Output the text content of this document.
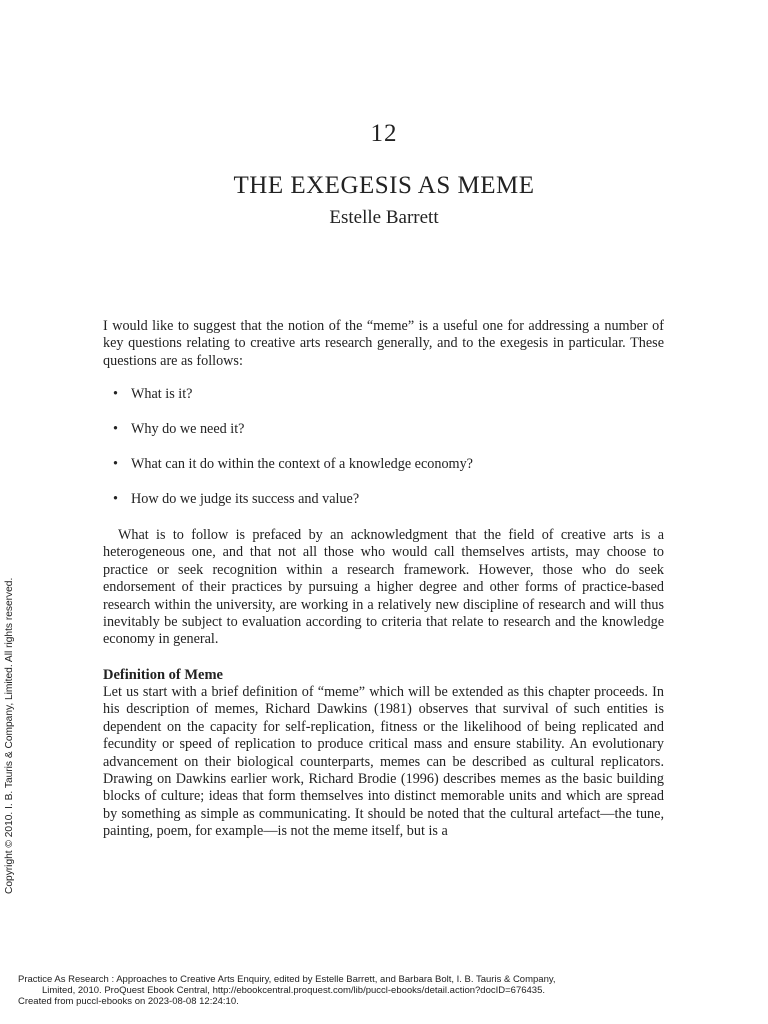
12
THE EXEGESIS AS MEME
Estelle Barrett

I would like to suggest that the notion of the “meme” is a useful one for addressing a number of key questions relating to creative arts research generally, and to the exegesis in particular. These questions are as follows:

• What is it?
• Why do we need it?
• What can it do within the context of a knowledge economy?
• How do we judge its success and value?

What is to follow is prefaced by an acknowledgment that the field of creative arts is a heterogeneous one, and that not all those who would call themselves artists, may choose to practice or seek recognition within a research framework. However, those who do seek endorsement of their practices by pursuing a higher degree and other forms of practice-based research within the university, are working in a relatively new discipline of research and will thus inevitably be subject to evaluation according to criteria that relate to research and the knowledge economy in general.

Definition of Meme

Let us start with a brief definition of “meme” which will be extended as this chapter proceeds. In his description of memes, Richard Dawkins (1981) observes that survival of such entities is dependent on the capacity for self-replication, fitness or the likelihood of being replicated and fecundity or speed of replication to produce critical mass and ensure stability. An evolutionary advancement on their biological counterparts, memes can be described as cultural replicators. Drawing on Dawkins earlier work, Richard Brodie (1996) describes memes as the basic building blocks of culture; ideas that form themselves into distinct memorable units and which are spread by something as simple as communicating. It should be noted that the cultural artefact—the tune, painting, poem, for example—is not the meme itself, but is a

Copyright © 2010. I. B. Tauris & Company, Limited. All rights reserved.
Practice As Research : Approaches to Creative Arts Enquiry, edited by Estelle Barrett, and Barbara Bolt, I. B. Tauris & Company,
Limited, 2010. ProQuest Ebook Central, http://ebookcentral.proquest.com/lib/puccl-ebooks/detail.action?docID=676435.
Created from puccl-ebooks on 2023-08-08 12:24:10.
